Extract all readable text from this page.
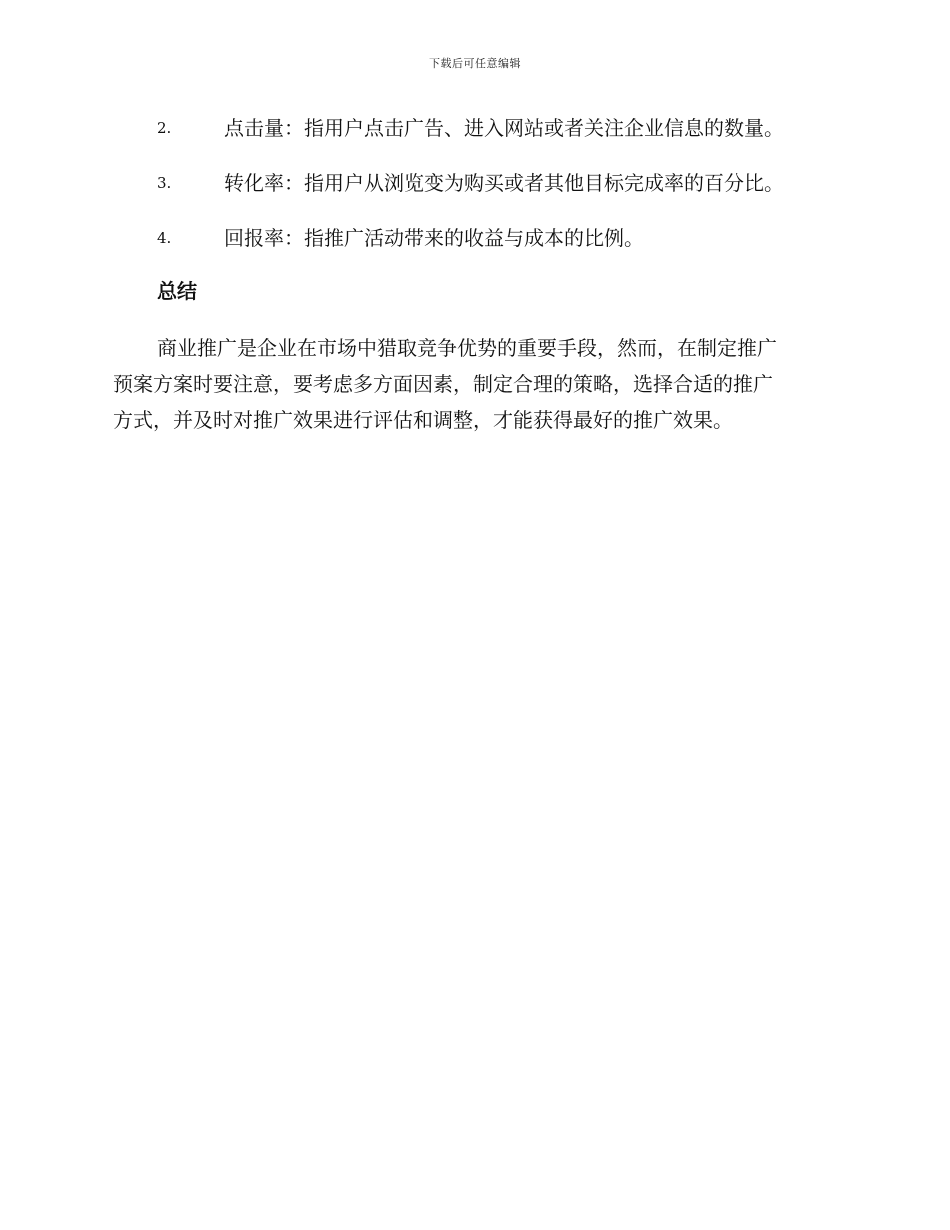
下载后可任意编辑
2.	点击量：指用户点击广告、进入网站或者关注企业信息的数量。
3.	转化率：指用户从浏览变为购买或者其他目标完成率的百分比。
4.	回报率：指推广活动带来的收益与成本的比例。
总结

商业推广是企业在市场中猎取竞争优势的重要手段，然而，在制定推广
预案方案时要注意，要考虑多方面因素，制定合理的策略，选择合适的推广
方式，并及时对推广效果进行评估和调整，才能获得最好的推广效果。
